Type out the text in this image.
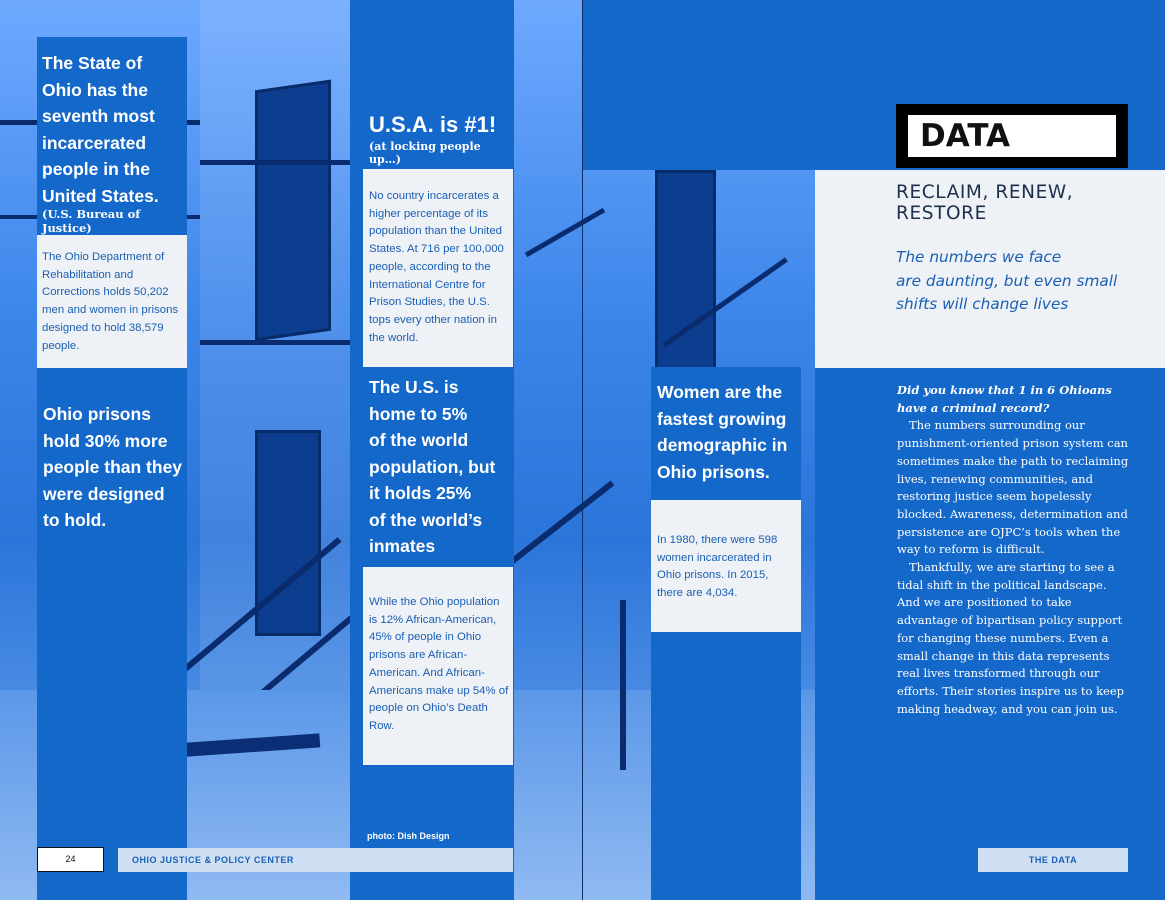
The State of
Ohio has the
seventh most
incarcerated
people in the
United States.
(U.S. Bureau of Justice)
The Ohio Department of Rehabilitation and Corrections holds 50,202 men and women in prisons designed to hold 38,579 people.
Ohio prisons
hold 30% more
people than they
were designed
to hold.
U.S.A. is #1!
(at locking people up…)
No country incarcerates a higher percentage of its population than the United States. At 716 per 100,000 people, according to the International Centre for Prison Studies, the U.S. tops every other nation in the world.
The U.S. is
home to 5%
of the world
population, but
it holds 25%
of the world’s
inmates
While the Ohio population is 12% African-American, 45% of people in Ohio prisons are African-American. And African-Americans make up 54% of people on Ohio’s Death Row.
photo: Dish Design
Women are the
fastest growing
demographic in
Ohio prisons.
In 1980, there were 598 women incarcerated in Ohio prisons. In 2015, there are 4,034.
24	OHIO JUSTICE & POLICY CENTER
DATA
RECLAIM, RENEW,
RESTORE
The numbers we face
are daunting, but even small
shifts will change lives

Did you know that 1 in 6 Ohioans have a criminal record?

The numbers surrounding our punishment-oriented prison system can sometimes make the path to reclaiming lives, renewing communities, and restoring justice seem hopelessly blocked. Awareness, determination and persistence are OJPC’s tools when the way to reform is difficult.

Thankfully, we are starting to see a tidal shift in the political landscape. And we are positioned to take advantage of bipartisan policy support for changing these numbers. Even a small change in this data represents real lives transformed through our efforts. Their stories inspire us to keep making headway, and you can join us.

THE DATA
